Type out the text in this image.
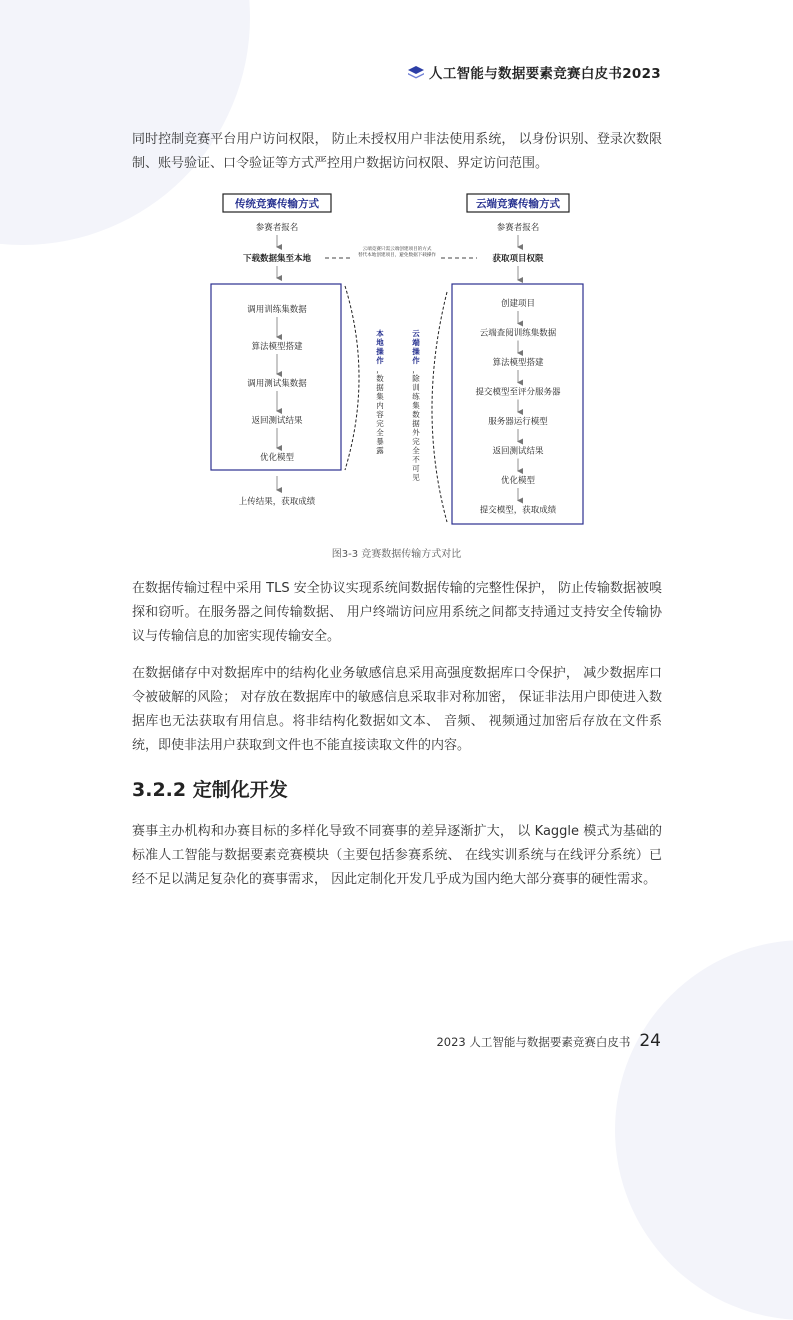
人工智能与数据要素竞赛白皮书2023

同时控制竞赛平台用户访问权限， 防止未授权用户非法使用系统， 以身份识别、登录次数限制、账号验证、口令验证等方式严控用户数据访问权限、界定访问范围。

传统竞赛传输方式	云端竞赛传输方式
参赛者报名
下载数据集至本地
参赛者报名
获取项目权限
云端竞赛只需云端创建项目的方式
替代本地创建项目，避免数据下载操作
调用训练集数据
算法模型搭建
调用测试集数据
返回测试结果
优化模型
上传结果，获取成绩
本地操作，数据集内容完全暴露
云端操作，除训练集数据外完全不可见
创建项目
云端查阅训练集数据
算法模型搭建
提交模型至评分服务器
服务器运行模型
返回测试结果
优化模型
提交模型，获取成绩
图3-3 竞赛数据传输方式对比

在数据传输过程中采用 TLS 安全协议实现系统间数据传输的完整性保护， 防止传输数据被嗅探和窃听。在服务器之间传输数据、 用户终端访问应用系统之间都支持通过支持安全传输协议与传输信息的加密实现传输安全。

在数据储存中对数据库中的结构化业务敏感信息采用高强度数据库口令保护， 减少数据库口令被破解的风险； 对存放在数据库中的敏感信息采取非对称加密， 保证非法用户即使进入数据库也无法获取有用信息。将非结构化数据如文本、 音频、 视频通过加密后存放在文件系统，即使非法用户获取到文件也不能直接读取文件的内容。

3.2.2 定制化开发

赛事主办机构和办赛目标的多样化导致不同赛事的差异逐渐扩大， 以 Kaggle 模式为基础的标准人工智能与数据要素竞赛模块（主要包括参赛系统、 在线实训系统与在线评分系统）已经不足以满足复杂化的赛事需求， 因此定制化开发几乎成为国内绝大部分赛事的硬性需求。

2023 人工智能与数据要素竞赛白皮书 24
